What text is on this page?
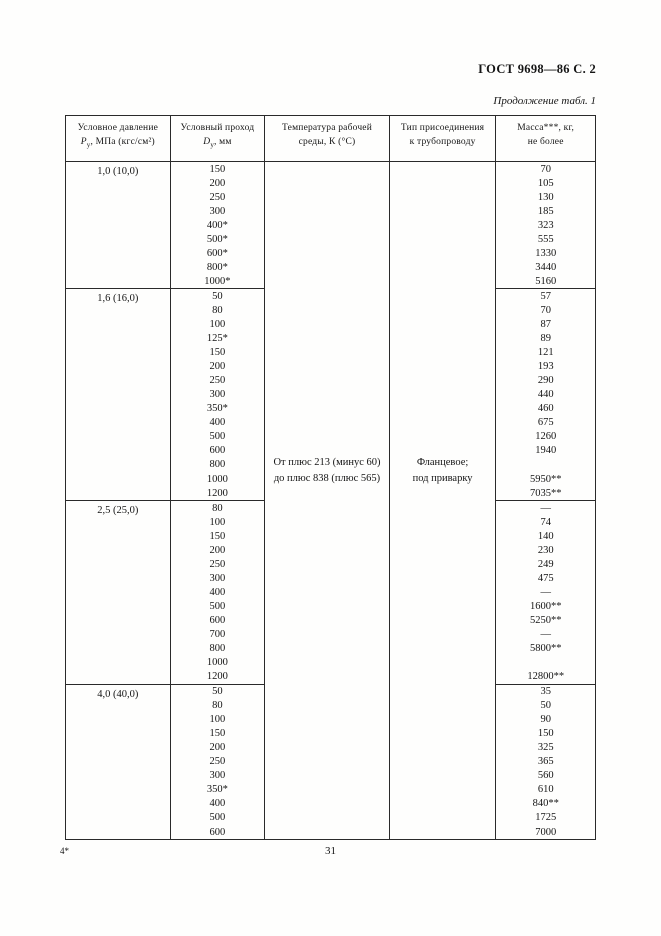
ГОСТ 9698—86 С. 2
Продолжение табл. 1
Условное давление
$Р_у$, МПа (кгс/см²)
Условный проход
$D_у$, мм
Температура рабочей
среды, К (°С)
Тип присоединения
к трубопроводу
Масса***, кг,
не более
1,0 (10,0)
1,6 (16,0)
2,5 (25,0)
4,0 (40,0)
150
200
250
300
400*
500*
600*
800*
1000*
50
80
100
125*
150
200
250
300
350*
400
500
600
800
1000
1200
80
100
150
200
250
300
400
500
600
700
800
1000
1200
50
80
100
150
200
250
300
350*
400
500
600
От плюс 213 (минус 60)
до плюс 838 (плюс 565)
Фланцевое;
под приварку
70
105
130
185
323
555
1330
3440
5160
57
70
87
89
121
193
290
440
460
675
1260
1940
5950**
7035**
—
74
140
230
249
475
—
1600**
5250**
—
5800**
12800**
35
50
90
150
325
365
560
610
840**
1725
7000
4*	31
